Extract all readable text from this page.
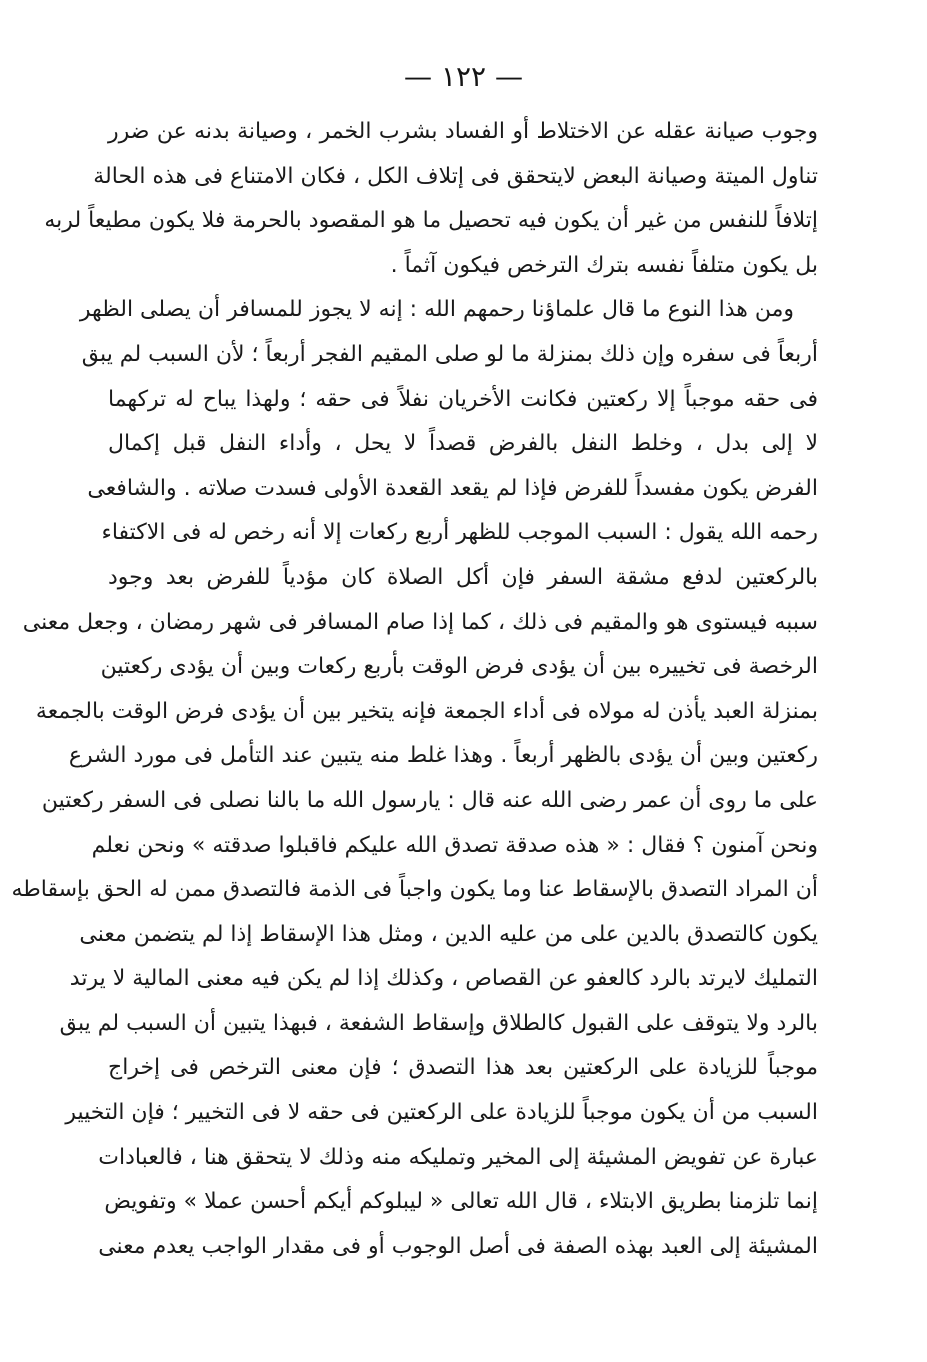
— ١٢٢ —
وجوب صيانة عقله عن الاختلاط أو الفساد بشرب الخمر ، وصيانة بدنه عن ضرر
تناول الميتة وصيانة البعض لايتحقق فى إتلاف الكل ، فكان الامتناع فى هذه الحالة
إتلافاً للنفس من غير أن يكون فيه تحصيل ما هو المقصود بالحرمة فلا يكون مطيعاً لربه
بل يكون متلفاً نفسه بترك الترخص فيكون آثماً .
ومن هذا النوع ما قال علماؤنا رحمهم الله : إنه لا يجوز للمسافر أن يصلى الظهر
أربعاً فى سفره وإن ذلك بمنزلة ما لو صلى المقيم الفجر أربعاً ؛ لأن السبب لم يبق
فى حقه موجباً إلا ركعتين فكانت الأخريان نفلاً فى حقه ؛ ولهذا يباح له تركهما
لا إلى بدل ، وخلط النفل بالفرض قصداً لا يحل ، وأداء النفل قبل إكمال
الفرض يكون مفسداً للفرض فإذا لم يقعد القعدة الأولى فسدت صلاته . والشافعى
رحمه الله يقول : السبب الموجب للظهر أربع ركعات إلا أنه رخص له فى الاكتفاء
بالركعتين لدفع مشقة السفر فإن أكل الصلاة كان مؤدياً للفرض بعد وجود
سببه فيستوى هو والمقيم فى ذلك ، كما إذا صام المسافر فى شهر رمضان ، وجعل معنى
الرخصة فى تخييره بين أن يؤدى فرض الوقت بأربع ركعات وبين أن يؤدى ركعتين
بمنزلة العبد يأذن له مولاه فى أداء الجمعة فإنه يتخير بين أن يؤدى فرض الوقت بالجمعة
ركعتين وبين أن يؤدى بالظهر أربعاً . وهذا غلط منه يتبين عند التأمل فى مورد الشرع
على ما روى أن عمر رضى الله عنه قال : يارسول الله ما بالنا نصلى فى السفر ركعتين
ونحن آمنون ؟ فقال : « هذه صدقة تصدق الله عليكم فاقبلوا صدقته » ونحن نعلم
أن المراد التصدق بالإسقاط عنا وما يكون واجباً فى الذمة فالتصدق ممن له الحق بإسقاطه
يكون كالتصدق بالدين على من عليه الدين ، ومثل هذا الإسقاط إذا لم يتضمن معنى
التمليك لايرتد بالرد كالعفو عن القصاص ، وكذلك إذا لم يكن فيه معنى المالية لا يرتد
بالرد ولا يتوقف على القبول كالطلاق وإسقاط الشفعة ، فبهذا يتبين أن السبب لم يبق
موجباً للزيادة على الركعتين بعد هذا التصدق ؛ فإن معنى الترخص فى إخراج
السبب من أن يكون موجباً للزيادة على الركعتين فى حقه لا فى التخيير ؛ فإن التخيير
عبارة عن تفويض المشيئة إلى المخير وتمليكه منه وذلك لا يتحقق هنا ، فالعبادات
إنما تلزمنا بطريق الابتلاء ، قال الله تعالى « ليبلوكم أيكم أحسن عملا » وتفويض
المشيئة إلى العبد بهذه الصفة فى أصل الوجوب أو فى مقدار الواجب يعدم معنى
